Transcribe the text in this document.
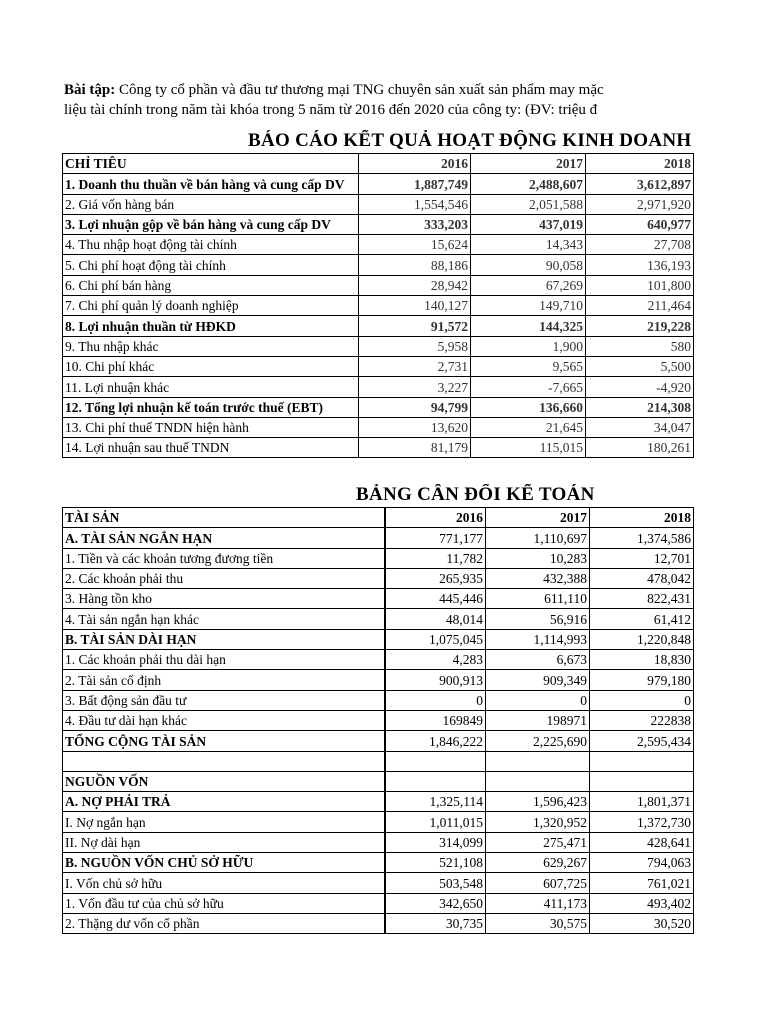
Bài tập: Công ty cổ phần và đầu tư thương mại TNG chuyên sản xuất sản phẩm may mặc
liệu tài chính trong năm tài khóa trong 5 năm từ 2016 đến 2020 của công ty: (ĐV: triệu đ
BÁO CÁO KẾT QUẢ HOẠT ĐỘNG KINH DOANH
CHỈ TIÊU	2016	2017	2018
1. Doanh thu thuần về bán hàng và cung cấp DV	1,887,749	2,488,607	3,612,897
2. Giá vốn hàng bán	1,554,546	2,051,588	2,971,920
3. Lợi nhuận gộp về bán hàng và cung cấp DV	333,203	437,019	640,977
4. Thu nhập hoạt động tài chính	15,624	14,343	27,708
5. Chi phí hoạt động tài chính	88,186	90,058	136,193
6. Chi phí bán hàng	28,942	67,269	101,800
7. Chi phí quản lý doanh nghiệp	140,127	149,710	211,464
8. Lợi nhuận thuần từ HĐKD	91,572	144,325	219,228
9. Thu nhập khác	5,958	1,900	580
10. Chi phí khác	2,731	9,565	5,500
11. Lợi nhuận khác	3,227	-7,665	-4,920
12. Tổng lợi nhuận kế toán trước thuế (EBT)	94,799	136,660	214,308
13. Chi phí thuế TNDN hiện hành	13,620	21,645	34,047
14. Lợi nhuận sau thuế TNDN	81,179	115,015	180,261
BẢNG CÂN ĐỐI KẾ TOÁN
TÀI SẢN	2016	2017	2018
A. TÀI SẢN NGẮN HẠN	771,177	1,110,697	1,374,586
1. Tiền và các khoản tương đương tiền	11,782	10,283	12,701
2. Các khoản phải thu	265,935	432,388	478,042
3. Hàng tồn kho	445,446	611,110	822,431
4. Tài sản ngắn hạn khác	48,014	56,916	61,412
B. TÀI SẢN DÀI HẠN	1,075,045	1,114,993	1,220,848
1. Các khoản phải thu dài hạn	4,283	6,673	18,830
2. Tài sản cố định	900,913	909,349	979,180
3. Bất động sản đầu tư	0	0	0
4. Đầu tư dài hạn khác	169849	198971	222838
TỔNG CỘNG TÀI SẢN	1,846,222	2,225,690	2,595,434

NGUỒN VỐN			
A. NỢ PHẢI TRẢ	1,325,114	1,596,423	1,801,371
I. Nợ ngắn hạn	1,011,015	1,320,952	1,372,730
II. Nợ dài hạn	314,099	275,471	428,641
B. NGUỒN VỐN CHỦ SỞ HỮU	521,108	629,267	794,063
I. Vốn chủ sở hữu	503,548	607,725	761,021
1. Vốn đầu tư của chủ sở hữu	342,650	411,173	493,402
2. Thặng dư vốn cổ phần	30,735	30,575	30,520
